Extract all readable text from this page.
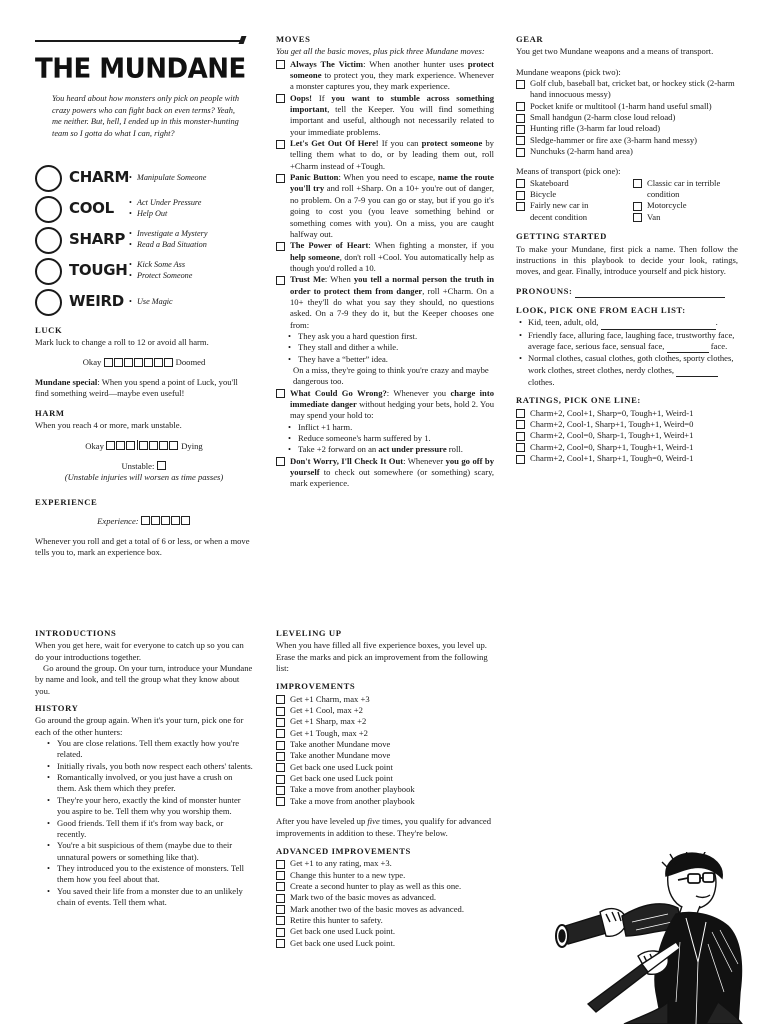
THE MUNDANE
You heard about how monsters only pick on people with crazy powers who can fight back on even terms? Yeah, me neither. But, hell, I ended up in this monster-hunting team so I gotta do what I can, right?
CHARM • Manipulate Someone
COOL	• Act Under Pressure
• Help Out
SHARP	• Investigate a Mystery
• Read a Bad Situation
TOUGH	• Kick Some Ass
• Protect Someone
WEIRD	• Use Magic
LUCK
Mark luck to change a roll to 12 or avoid all harm.
Okay	Doomed
Mundane special: When you spend a point of Luck, you'll find something weird—maybe even useful!
HARM
When you reach 4 or more, mark unstable.
Okay	Dying
Unstable:
(Unstable injuries will worsen as time passes)
EXPERIENCE
Experience:
Whenever you roll and get a total of 6 or less, or when a move tells you to, mark an experience box.
MOVES
You get all the basic moves, plus pick three Mundane moves:
Always The Victim: When another hunter uses protect someone to protect you, they mark experience. Whenever a monster captures you, they mark experience.
Oops! If you want to stumble across something important, tell the Keeper. You will find something important and useful, although not necessarily related to your immediate problems.
Let's Get Out Of Here! If you can protect someone by telling them what to do, or by leading them out, roll +Charm instead of +Tough.
Panic Button: When you need to escape, name the route you'll try and roll +Sharp. On a 10+ you're out of danger, no problem. On a 7-9 you can go or stay, but if you go it's going to cost you (you leave something behind or something comes with you). On a miss, you are caught halfway out.
The Power of Heart: When fighting a monster, if you help someone, don't roll +Cool. You automatically help as though you'd rolled a 10.
Trust Me: When you tell a normal person the truth in order to protect them from danger, roll +Charm. On a 10+ they'll do what you say they should, no questions asked. On a 7-9 they do it, but the Keeper chooses one from:
• They ask you a hard question first.
• They stall and dither a while.
• They have a “better” idea.
On a miss, they're going to think you're crazy and maybe dangerous too.
What Could Go Wrong?: Whenever you charge into immediate danger without hedging your bets, hold 2. You may spend your hold to:
• Inflict +1 harm.
• Reduce someone's harm suffered by 1.
• Take +2 forward on an act under pressure roll.
Don't Worry, I'll Check It Out: Whenever you go off by yourself to check out somewhere (or something) scary, mark experience.
GEAR
You get two Mundane weapons and a means of transport.
Mundane weapons (pick two):
Golf club, baseball bat, cricket bat, or hockey stick (2-harm hand innocuous messy)
Pocket knife or multitool (1-harm hand useful small)
Small handgun (2-harm close loud reload)
Hunting rifle (3-harm far loud reload)
Sledge-hammer or fire axe (3-harm hand messy)
Nunchuks (2-harm hand area)
Means of transport (pick one):
Skateboard
Bicycle
Fairly new car in decent condition
Classic car in terrible condition
Motorcycle
Van
GETTING STARTED
To make your Mundane, first pick a name. Then follow the instructions in this playbook to decide your look, ratings, moves, and gear. Finally, introduce yourself and pick history.
PRONOUNS:
LOOK, PICK ONE FROM EACH LIST:
• Kid, teen, adult, old,	.
• Friendly face, alluring face, laughing face, trustworthy face, average face, serious face, sensual face,	face.
• Normal clothes, casual clothes, goth clothes, sporty clothes, work clothes, street clothes, nerdy clothes,   clothes.
RATINGS, PICK ONE LINE:
Charm+2, Cool+1, Sharp=0, Tough+1, Weird-1
Charm+2, Cool-1, Sharp+1, Tough+1, Weird=0
Charm+2, Cool=0, Sharp-1, Tough+1, Weird+1
Charm+2, Cool=0, Sharp+1, Tough+1, Weird-1
Charm+2, Cool+1, Sharp+1, Tough=0, Weird-1
INTRODUCTIONS
When you get here, wait for everyone to catch up so you can do your introductions together.
Go around the group. On your turn, introduce your Mundane by name and look, and tell the group what they know about you.
HISTORY
Go around the group again. When it's your turn, pick one for each of the other hunters:
• You are close relations. Tell them exactly how you're related.
• Initially rivals, you both now respect each others' talents.
• Romantically involved, or you just have a crush on them. Ask them which they prefer.
• They're your hero, exactly the kind of monster hunter you aspire to be. Tell them why you worship them.
• Good friends. Tell them if it's from way back, or recently.
• You're a bit suspicious of them (maybe due to their unnatural powers or something like that).
• They introduced you to the existence of monsters. Tell them how you feel about that.
• You saved their life from a monster due to an unlikely chain of events. Tell them what.
LEVELING UP
When you have filled all five experience boxes, you level up. Erase the marks and pick an improvement from the following list:
IMPROVEMENTS
Get +1 Charm, max +3
Get +1 Cool, max +2
Get +1 Sharp, max +2
Get +1 Tough, max +2
Take another Mundane move
Take another Mundane move
Get back one used Luck point
Get back one used Luck point
Take a move from another playbook
Take a move from another playbook
After you have leveled up five times, you qualify for advanced improvements in addition to these. They're below.
ADVANCED IMPROVEMENTS
Get +1 to any rating, max +3.
Change this hunter to a new type.
Create a second hunter to play as well as this one.
Mark two of the basic moves as advanced.
Mark another two of the basic moves as advanced.
Retire this hunter to safety.
Get back one used Luck point.
Get back one used Luck point.
